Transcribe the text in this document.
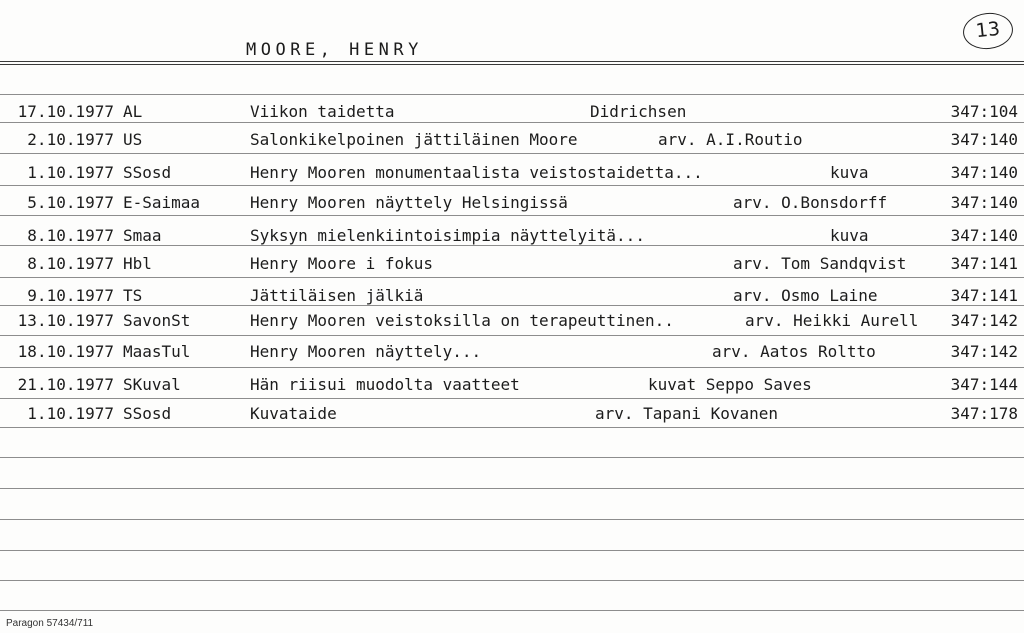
MOORE, HENRY
13
17.10.1977 AL	Viikon taidetta	Didrichsen	347:104
2.10.1977 US	Salonkikelpoinen jättiläinen Moore	arv. A.I.Routio	347:140
1.10.1977 SSosd	Henry Mooren monumentaalista veistostaidetta...	kuva	347:140
5.10.1977 E-Saimaa	Henry Mooren näyttely Helsingissä	arv. O.Bonsdorff	347:140
8.10.1977 Smaa	Syksyn mielenkiintoisimpia näyttelyitä...	kuva	347:140
8.10.1977 Hbl	Henry Moore i fokus	arv. Tom Sandqvist	347:141
9.10.1977 TS	Jättiläisen jälkiä	arv. Osmo Laine	347:141
13.10.1977 SavonSt	Henry Mooren veistoksilla on terapeuttinen..	arv. Heikki Aurell 347:142
18.10.1977 MaasTul	Henry Mooren näyttely...	arv. Aatos Roltto	347:142
21.10.1977 SKuval	Hän riisui muodolta vaatteet	kuvat Seppo Saves	347:144
1.10.1977 SSosd	Kuvataide	arv. Tapani Kovanen	347:178
Paragon 57434/711
